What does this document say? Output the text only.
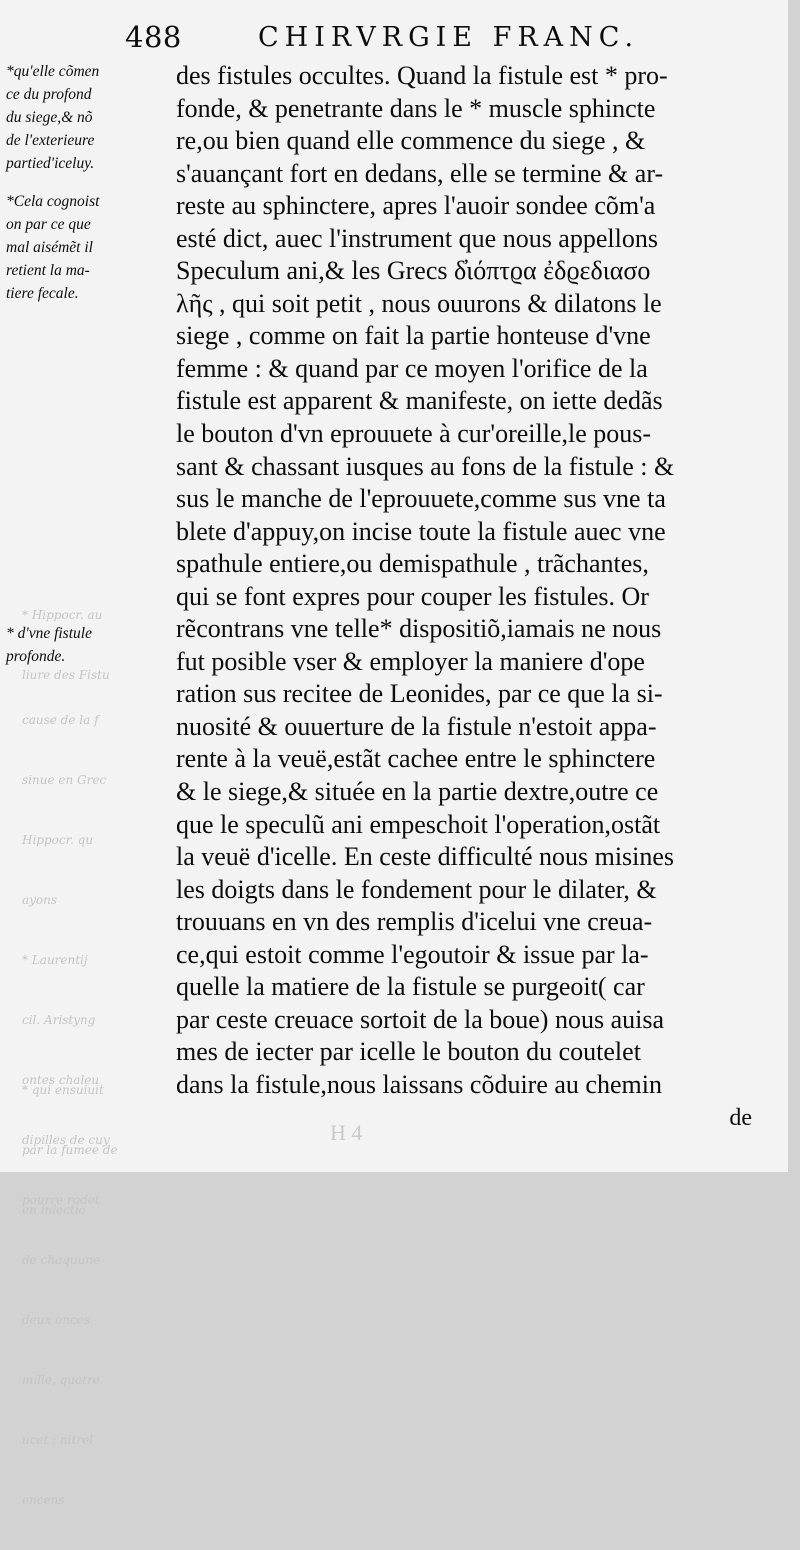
* Hippocr. au

liure des Fistu

cause de la f

sinue en Grec

Hippocr. qu

ayons

* Laurentij

cil. Aristyng

ontes chaleu

dipilles de cuy

pourre rodet

de chaquune

deux onces

mille, quatre

ucet : nitrel

encens

* qui ensuiuit

par la fumee de

en iniectio

488	CHIRVRGIE FRANC.

*qu'elle cõmen
ce du profond
du siege,& nõ
de l'exterieure
partied'iceluy.

*Cela cognoist
on par ce que
mal aisémẽt il
retient la ma-
tiere fecale.

* d'vne fistule
profonde.

des fistules occultes. Quand la fistule est * pro-
fonde, & penetrante dans le * muscle sphincte
re,ou bien quand elle commence du siege , &
s'auançant fort en dedans, elle se termine & ar-
reste au sphinctere, apres l'auoir sondee cõm'a
esté dict, auec l'instrument que nous appellons
Speculum ani,& les Grecs δ̓ιόπτϱα ἐδϱεδιασο
λῆς , qui soit petit , nous ouurons & dilatons le
siege , comme on fait la partie honteuse d'vne
femme : & quand par ce moyen l'orifice de la
fistule est apparent & manifeste, on iette dedãs
le bouton d'vn eprouuete à cur'oreille,le pous-
sant & chassant iusques au fons de la fistule : &
sus le manche de l'eprouuete,comme sus vne ta
blete d'appuy,on incise toute la fistule auec vne
spathule entiere,ou demispathule , trãchantes,
qui se font expres pour couper les fistules. Or
rẽcontrans vne telle* dispositiõ,iamais ne nous
fut posible vser & employer la maniere d'ope
ration sus recitee de Leonides, par ce que la si-
nuosité & ouuerture de la fistule n'estoit appa-
rente à la veuë,estãt cachee entre le sphinctere
& le siege,& située en la partie dextre,outre ce
que le speculũ ani empeschoit l'operation,ostãt
la veuë d'icelle. En ceste difficulté nous misines
les doigts dans le fondement pour le dilater, &
trouuans en vn des remplis d'icelui vne creua-
ce,qui estoit comme l'egoutoir & issue par la-
quelle la matiere de la fistule se purgeoit( car
par ceste creuace sortoit de la boue) nous auisa
mes de iecter par icelle le bouton du coutelet
dans la fistule,nous laissans cõduire au chemin
H 4
de
